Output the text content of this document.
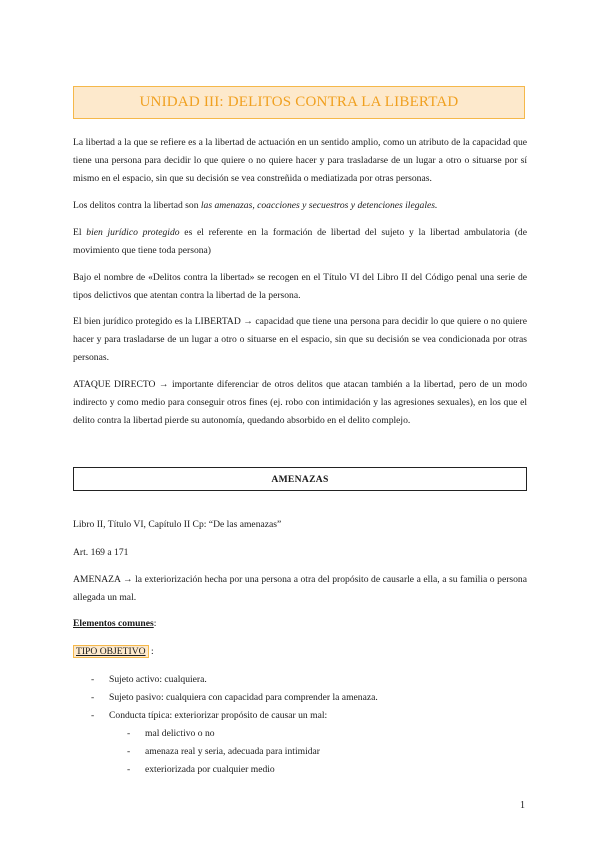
UNIDAD III: DELITOS CONTRA LA LIBERTAD

La libertad a la que se refiere es a la libertad de actuación en un sentido amplio, como un atributo de la capacidad que tiene una persona para decidir lo que quiere o no quiere hacer y para trasladarse de un lugar a otro o situarse por sí mismo en el espacio, sin que su decisión se vea constreñida o mediatizada por otras personas.

Los delitos contra la libertad son las amenazas, coacciones y secuestros y detenciones ilegales.

El bien jurídico protegido es el referente en la formación de libertad del sujeto y la libertad ambulatoria (de movimiento que tiene toda persona)

Bajo el nombre de «Delitos contra la libertad» se recogen en el Título VI del Libro II del Código penal una serie de tipos delictivos que atentan contra la libertad de la persona.

El bien jurídico protegido es la LIBERTAD → capacidad que tiene una persona para decidir lo que quiere o no quiere hacer y para trasladarse de un lugar a otro o situarse en el espacio, sin que su decisión se vea condicionada por otras personas.

ATAQUE DIRECTO → importante diferenciar de otros delitos que atacan también a la libertad, pero de un modo indirecto y como medio para conseguir otros fines (ej. robo con intimidación y las agresiones sexuales), en los que el delito contra la libertad pierde su autonomía, quedando absorbido en el delito complejo.

AMENAZAS

Libro II, Título VI, Capítulo II Cp: “De las amenazas”

Art. 169 a 171

AMENAZA → la exteriorización hecha por una persona a otra del propósito de causarle a ella, a su familia o persona allegada un mal.

Elementos comunes:

TIPO OBJETIVO :

- Sujeto activo: cualquiera.

- Sujeto pasivo: cualquiera con capacidad para comprender la amenaza.

- Conducta típica: exteriorizar propósito de causar un mal:

- mal delictivo o no

- amenaza real y seria, adecuada para intimidar

- exteriorizada por cualquier medio

1
